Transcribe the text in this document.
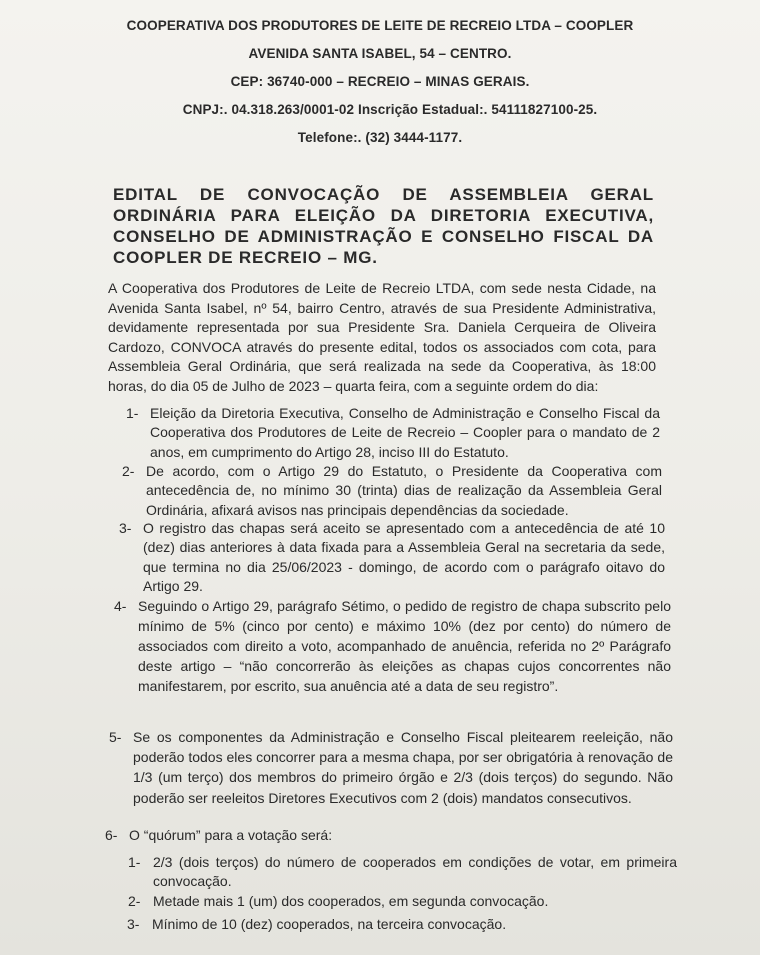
COOPERATIVA DOS PRODUTORES DE LEITE DE RECREIO LTDA – COOPLER
AVENIDA SANTA ISABEL, 54 – CENTRO.
CEP: 36740-000 – RECREIO – MINAS GERAIS.
CNPJ:. 04.318.263/0001-02 Inscrição Estadual:. 54111827100-25.
Telefone:. (32) 3444-1177.
EDITAL DE CONVOCAÇÃO DE ASSEMBLEIA GERAL ORDINÁRIA PARA ELEIÇÃO DA DIRETORIA EXECUTIVA, CONSELHO DE ADMINISTRAÇÃO E CONSELHO FISCAL DA COOPLER DE RECREIO – MG.
A Cooperativa dos Produtores de Leite de Recreio LTDA, com sede nesta Cidade, na Avenida Santa Isabel, nº 54, bairro Centro, através de sua Presidente Administrativa, devidamente representada por sua Presidente Sra. Daniela Cerqueira de Oliveira Cardozo, CONVOCA através do presente edital, todos os associados com cota, para Assembleia Geral Ordinária, que será realizada na sede da Cooperativa, às 18:00 horas, do dia 05 de Julho de 2023 – quarta feira, com a seguinte ordem do dia:
1- Eleição da Diretoria Executiva, Conselho de Administração e Conselho Fiscal da Cooperativa dos Produtores de Leite de Recreio – Coopler para o mandato de 2 anos, em cumprimento do Artigo 28, inciso III do Estatuto.
2- De acordo, com o Artigo 29 do Estatuto, o Presidente da Cooperativa com antecedência de, no mínimo 30 (trinta) dias de realização da Assembleia Geral Ordinária, afixará avisos nas principais dependências da sociedade.
3- O registro das chapas será aceito se apresentado com a antecedência de até 10 (dez) dias anteriores à data fixada para a Assembleia Geral na secretaria da sede, que termina no dia 25/06/2023 - domingo, de acordo com o parágrafo oitavo do Artigo 29.
4- Seguindo o Artigo 29, parágrafo Sétimo, o pedido de registro de chapa subscrito pelo mínimo de 5% (cinco por cento) e máximo 10% (dez por cento) do número de associados com direito a voto, acompanhado de anuência, referida no 2º Parágrafo deste artigo – “não concorrerão às eleições as chapas cujos concorrentes não manifestarem, por escrito, sua anuência até a data de seu registro”.
5- Se os componentes da Administração e Conselho Fiscal pleitearem reeleição, não poderão todos eles concorrer para a mesma chapa, por ser obrigatória à renovação de 1/3 (um terço) dos membros do primeiro órgão e 2/3 (dois terços) do segundo. Não poderão ser reeleitos Diretores Executivos com 2 (dois) mandatos consecutivos.
6- O “quórum” para a votação será:
1- 2/3 (dois terços) do número de cooperados em condições de votar, em primeira convocação.
2- Metade mais 1 (um) dos cooperados, em segunda convocação.
3- Mínimo de 10 (dez) cooperados, na terceira convocação.
